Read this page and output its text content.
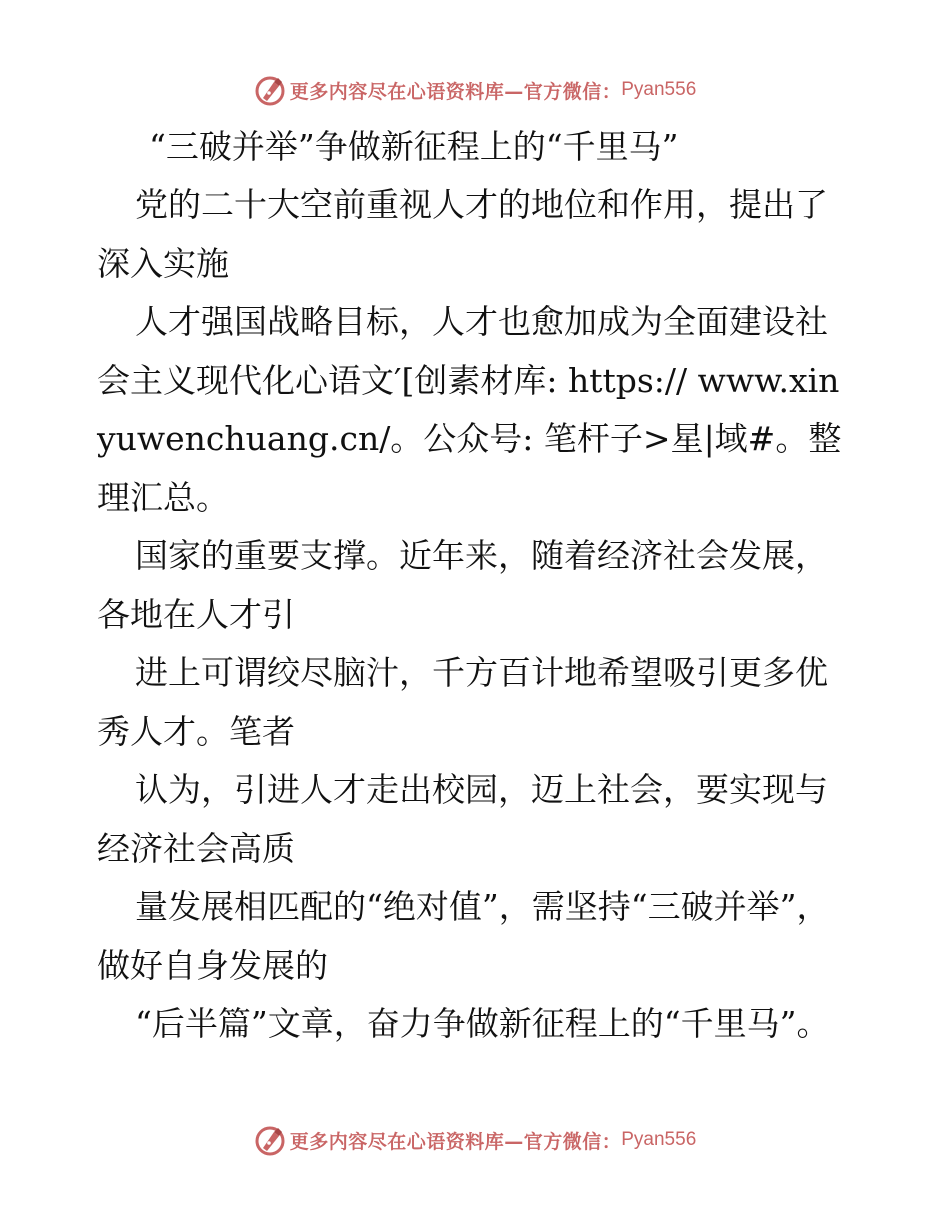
更多内容尽在心语资料库—官方微信： Pyan556
“三破并举”争做新征程上的“千里马”

党的二十大空前重视人才的地位和作用，提出了深入实施

人才强国战略目标，人才也愈加成为全面建设社会主义现代化心语文′[创素材库: https:// www.xinyuwenchuang.cn/。公众号: 笔杆子>星|域#。整理汇总。

国家的重要支撑。近年来，随着经济社会发展，各地在人才引

进上可谓绞尽脑汁，千方百计地希望吸引更多优秀人才。笔者

认为，引进人才走出校园，迈上社会，要实现与经济社会高质

量发展相匹配的“绝对值”，需坚持“三破并举”，做好自身发展的

“后半篇”文章，奋力争做新征程上的“千里马”。

更多内容尽在心语资料库—官方微信： Pyan556
